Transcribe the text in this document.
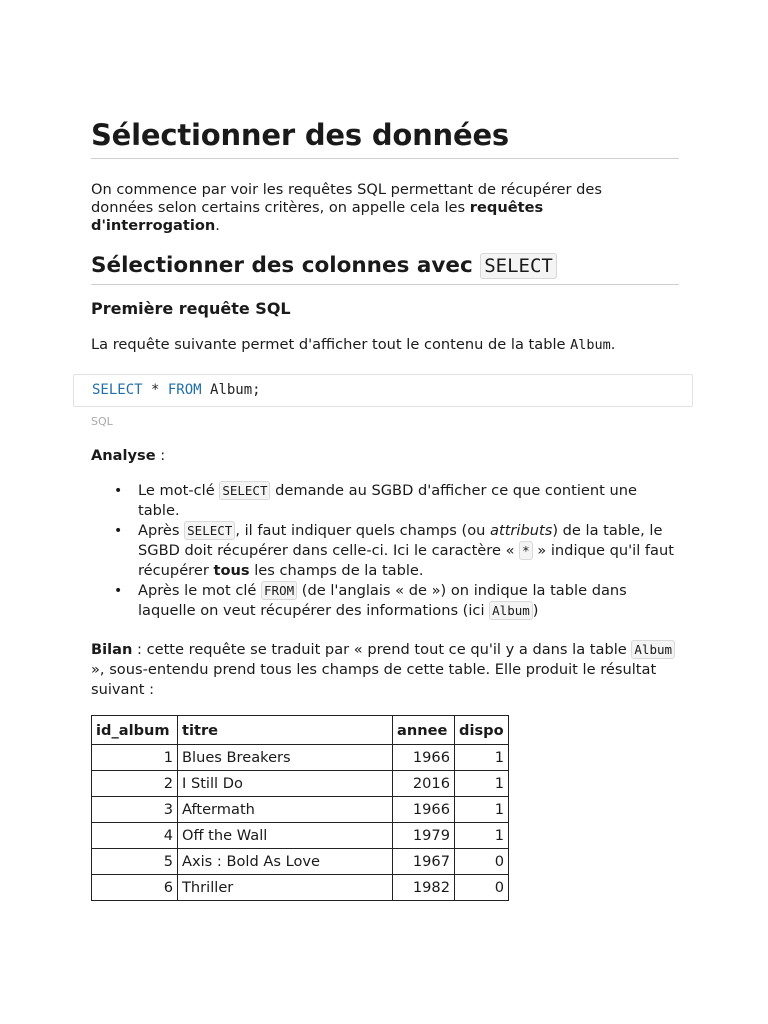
Sélectionner des données

On commence par voir les requêtes SQL permettant de récupérer des données selon certains critères, on appelle cela les requêtes d'interrogation.

Sélectionner des colonnes avec SELECT
Première requête SQL

La requête suivante permet d'afficher tout le contenu de la table Album.

SELECT * FROM Album;
SQL

Analyse :

• Le mot-clé SELECT demande au SGBD d'afficher ce que contient une table.
• Après SELECT , il faut indiquer quels champs (ou attributs) de la table, le SGBD doit récupérer dans celle-ci. Ici le caractère « * » indique qu'il faut récupérer tous les champs de la table.
• Après le mot clé FROM (de l'anglais « de ») on indique la table dans laquelle on veut récupérer des informations (ici Album )

Bilan : cette requête se traduit par « prend tout ce qu'il y a dans la table Album », sous-entendu prend tous les champs de cette table. Elle produit le résultat suivant :

id_album	titre	annee	dispo
1	Blues Breakers	1966	1
2	I Still Do	2016	1
3	Aftermath	1966	1
4	Off the Wall	1979	1
5	Axis : Bold As Love	1967	0
6	Thriller	1982	0
